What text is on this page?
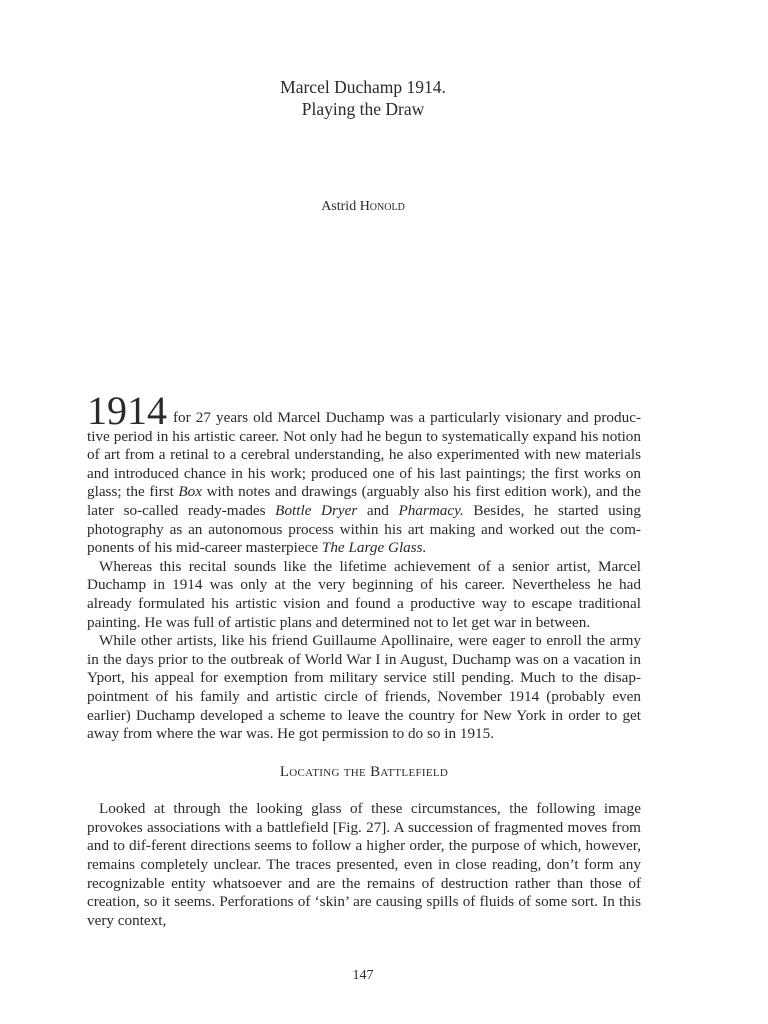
Marcel Duchamp 1914.
Playing the Draw
Astrid Honold

1914 for 27 years old Marcel Duchamp was a particularly visionary and produc-tive period in his artistic career. Not only had he begun to systematically expand his notion of art from a retinal to a cerebral understanding, he also experimented with new materials and introduced chance in his work; produced one of his last paintings; the first works on glass; the first Box with notes and drawings (arguably also his first edition work), and the later so-called ready-mades Bottle Dryer and Pharmacy. Besides, he started using photography as an autonomous process within his art making and worked out the com-ponents of his mid-career masterpiece The Large Glass.

Whereas this recital sounds like the lifetime achievement of a senior artist, Marcel Duchamp in 1914 was only at the very beginning of his career. Nevertheless he had already formulated his artistic vision and found a productive way to escape traditional painting. He was full of artistic plans and determined not to let get war in between.

While other artists, like his friend Guillaume Apollinaire, were eager to enroll the army in the days prior to the outbreak of World War I in August, Duchamp was on a vacation in Yport, his appeal for exemption from military service still pending. Much to the disap-pointment of his family and artistic circle of friends, November 1914 (probably even earlier) Duchamp developed a scheme to leave the country for New York in order to get away from where the war was. He got permission to do so in 1915.

Locating the Battlefield

Looked at through the looking glass of these circumstances, the following image provokes associations with a battlefield [Fig. 27]. A succession of fragmented moves from and to dif-ferent directions seems to follow a higher order, the purpose of which, however, remains completely unclear. The traces presented, even in close reading, don’t form any recognizable entity whatsoever and are the remains of destruction rather than those of creation, so it seems. Perforations of ‘skin’ are causing spills of fluids of some sort. In this very context,

147
